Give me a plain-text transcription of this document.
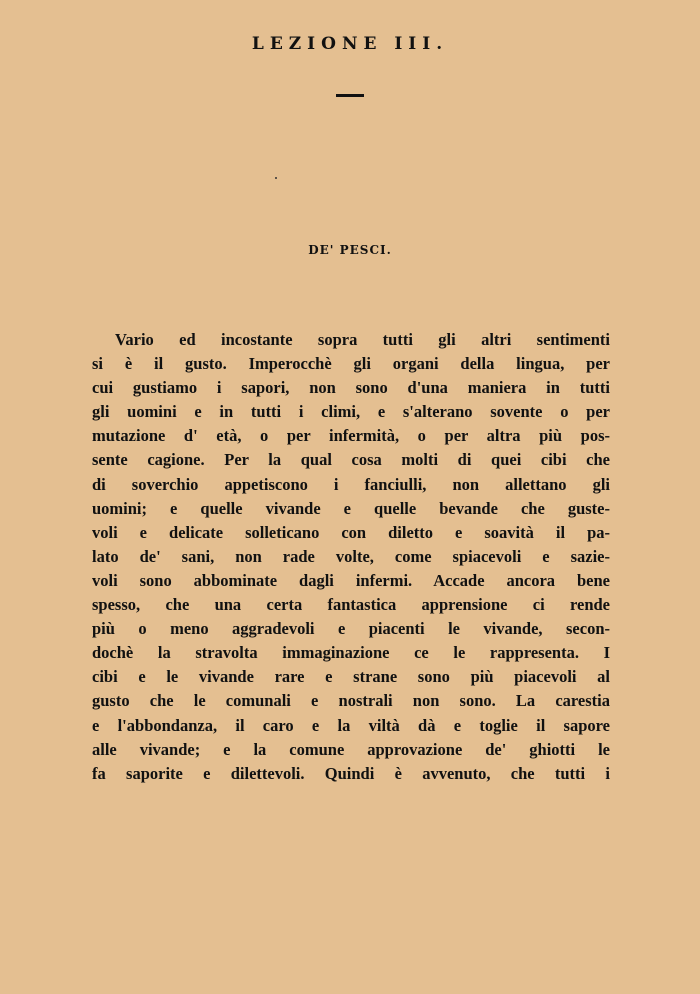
LEZIONE III.
DE' PESCI.
Vario ed incostante sopra tutti gli altri sentimenti
si è il gusto. Imperocchè gli organi della lingua, per
cui gustiamo i sapori, non sono d'una maniera in tutti
gli uomini e in tutti i climi, e s'alterano sovente o per
mutazione d' età, o per infermità, o per altra più pos-
sente cagione. Per la qual cosa molti di quei cibi che
di soverchio appetiscono i fanciulli, non allettano gli
uomini; e quelle vivande e quelle bevande che guste-
voli e delicate solleticano con diletto e soavità il pa-
lato de' sani, non rade volte, come spiacevoli e sazie-
voli sono abbominate dagli infermi. Accade ancora bene
spesso, che una certa fantastica apprensione ci rende
più o meno aggradevoli e piacenti le vivande, secon-
dochè la stravolta immaginazione ce le rappresenta. I
cibi e le vivande rare e strane sono più piacevoli al
gusto che le comunali e nostrali non sono. La carestia
e l'abbondanza, il caro e la viltà dà e toglie il sapore
alle vivande; e la comune approvazione de' ghiotti le
fa saporite e dilettevoli. Quindi è avvenuto, che tutti i
